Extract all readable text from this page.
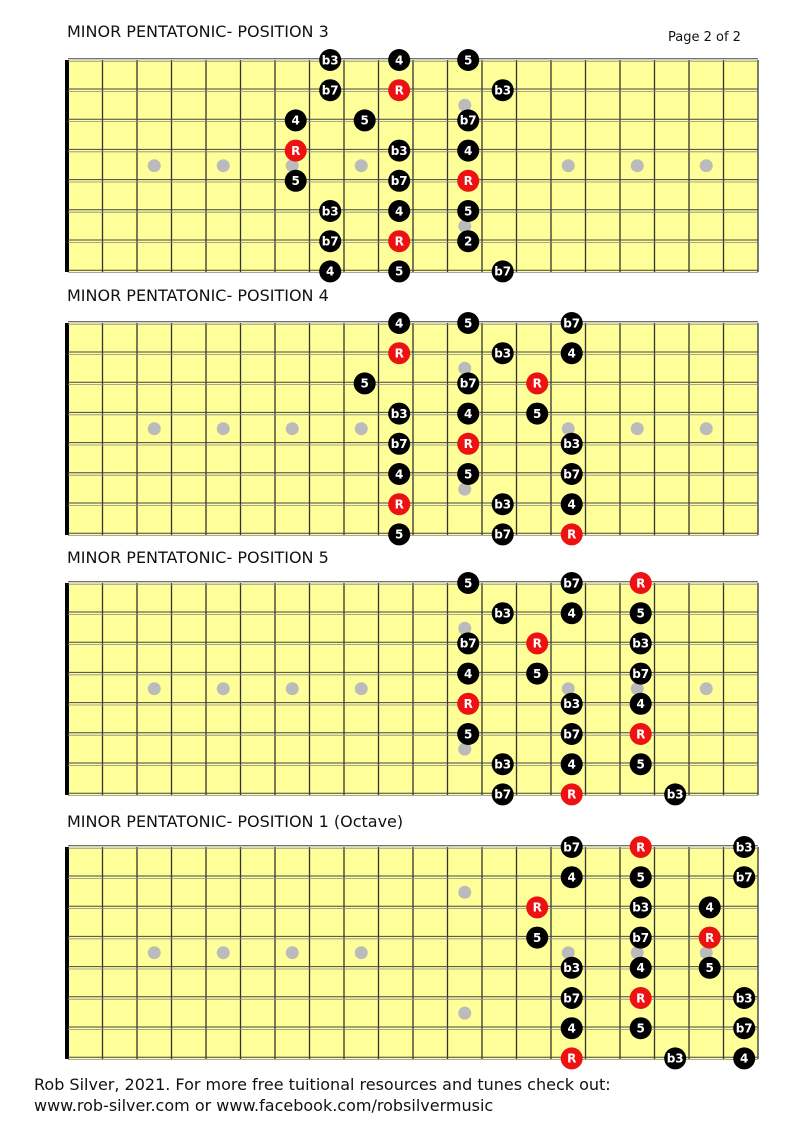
Page 2 of 2
MINOR PENTATONIC- POSITION 3
b3	4	5
b7	R	b3
4	5	b7
R	b3	4
5	b7	R
b3	4	5
b7	R	2
4	5	b7
MINOR PENTATONIC- POSITION 4
4	5	b7
R	b3	4
5	b7	R
b3	4	5
b7	R	b3
4	5	b7
R	b3	4
5	b7	R
MINOR PENTATONIC- POSITION 5
5	b7	R
b3	4	5
b7	R	b3
4	5	b7
R	b3	4
5	b7	R
b3	4	5
b7	R	b3
MINOR PENTATONIC- POSITION 1 (Octave)
b7	R	b3
4	5	b7
R	b3	4
5	b7	R
b3	4	5
b7	R	b3
4	5	b7
R	b3	4
Rob Silver, 2021. For more free tuitional resources and tunes check out:
www.rob-silver.com or www.facebook.com/robsilvermusic
